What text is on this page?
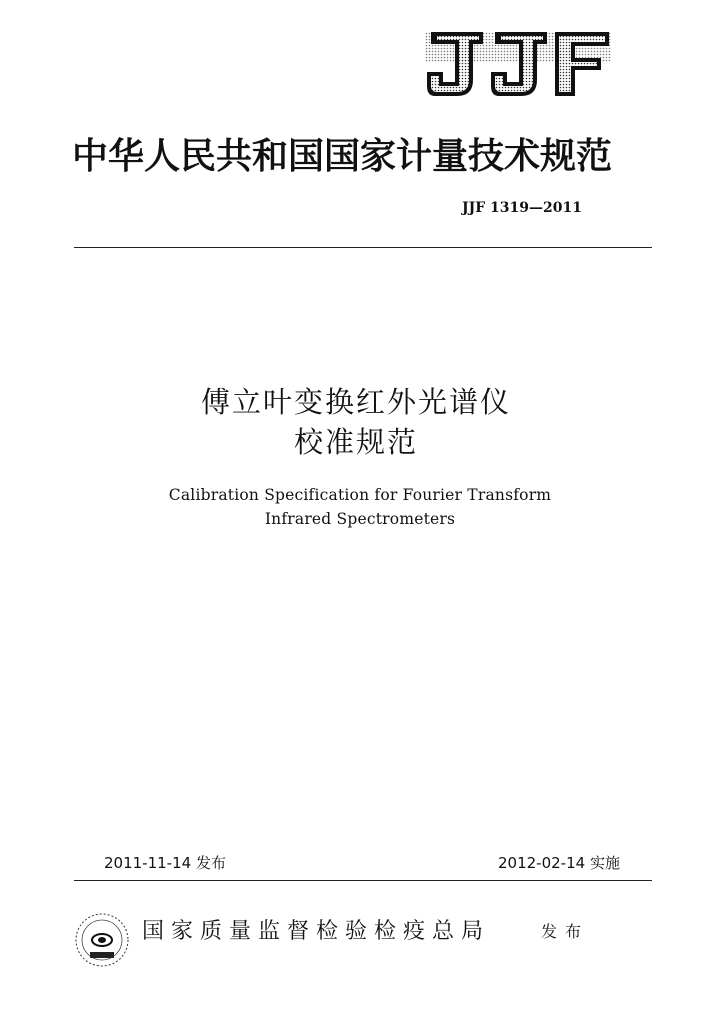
JJF
中华人民共和国国家计量技术规范
JJF 1319—2011
傅立叶变换红外光谱仪
校准规范
Calibration Specification for Fourier Transform
Infrared Spectrometers
2011-11-14 发布	2012-02-14 实施
国家质量监督检验检疫总局	发布
